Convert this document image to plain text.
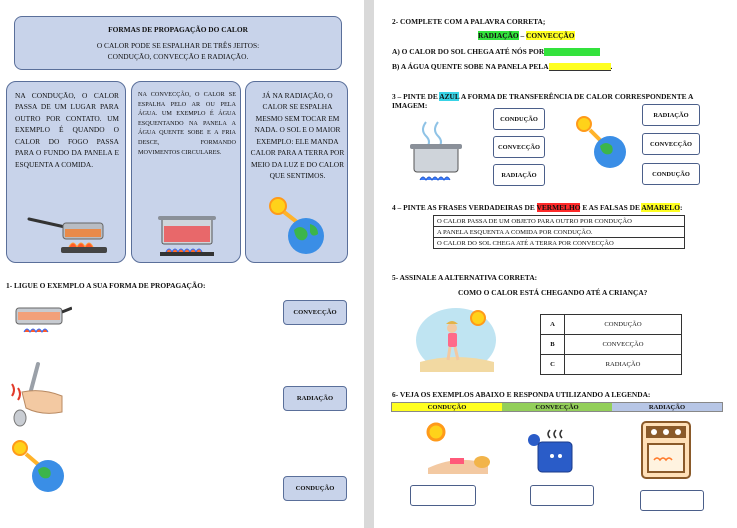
FORMAS DE PROPAGAÇÃO DO CALOR
O CALOR PODE SE ESPALHAR DE TRÊS JEITOS:
CONDUÇÃO, CONVECÇÃO E RADIAÇÃO.
NA CONDUÇÃO, O CALOR PASSA DE UM LUGAR PARA OUTRO POR CONTATO. UM EXEMPLO É QUANDO O CALOR DO FOGO PASSA PARA O FUNDO DA PANELA E ESQUENTA A COMIDA.
NA CONVECÇÃO, O CALOR SE ESPALHA PELO AR OU PELA ÁGUA. UM EXEMPLO É ÁGUA ESQUENTANDO NA PANELA A ÁGUA QUENTE SOBE E A FRIA DESCE, FORMANDO MOVIMENTOS CIRCULARES.
JÁ NA RADIAÇÃO, O CALOR SE ESPALHA MESMO SEM TOCAR EM NADA. O SOL E O MAIOR EXEMPLO: ELE MANDA CALOR PARA A TERRA POR MEIO DA LUZ E DO CALOR QUE SENTIMOS.
1- LIGUE O EXEMPLO A SUA FORMA DE PROPAGAÇÃO:
CONVECÇÃO
RADIAÇÃO
CONDUÇÃO
2- COMPLETE COM A PALAVRA CORRETA;
RADIAÇÃO – CONVECÇÃO
A) O CALOR DO SOL CHEGA ATÉ NÓS POR
B) A ÁGUA QUENTE SOBE NA PANELA PELA	.
3 – PINTE DE AZUL A FORMA DE TRANSFERÊNCIA DE CALOR CORRESPONDENTE A IMAGEM:
CONDUÇÃO
CONVECÇÃO
RADIAÇÃO
RADIAÇÃO
CONVECÇÃO
CONDUÇÃO
4 – PINTE AS FRASES VERDADEIRAS DE VERMELHO E AS FALSAS DE AMARELO:
O CALOR PASSA DE UM OBJETO PARA OUTRO POR CONDUÇÃO
A PANELA ESQUENTA A COMIDA POR CONDUÇÃO.
O CALOR DO SOL CHEGA ATÉ A TERRA POR CONVECÇÃO
5- ASSINALE A ALTERNATIVA CORRETA:
COMO O CALOR ESTÁ CHEGANDO ATÉ A CRIANÇA?
A	CONDUÇÃO
B	CONVECÇÃO
C	RADIAÇÃO
6- VEJA OS EXEMPLOS ABAIXO E RESPONDA UTILIZANDO A LEGENDA:
CONDUÇÃO	CONVECÇÃO	RADIAÇÃO
